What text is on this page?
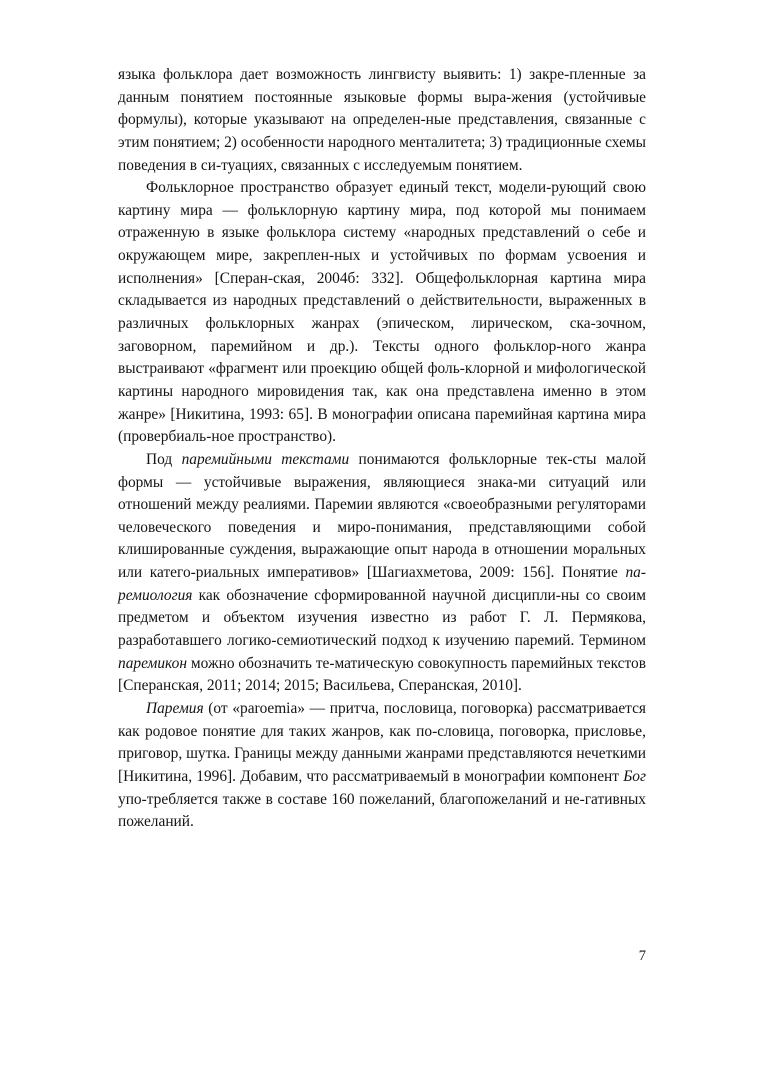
языка фольклора дает возможность лингвисту выявить: 1) закре-пленные за данным понятием постоянные языковые формы выра-жения (устойчивые формулы), которые указывают на определен-ные представления, связанные с этим понятием; 2) особенности народного менталитета; 3) традиционные схемы поведения в си-туациях, связанных с исследуемым понятием.

Фольклорное пространство образует единый текст, модели-рующий свою картину мира — фольклорную картину мира, под которой мы понимаем отраженную в языке фольклора систему «народных представлений о себе и окружающем мире, закреплен-ных и устойчивых по формам усвоения и исполнения» [Сперан-ская, 2004б: 332]. Общефольклорная картина мира складывается из народных представлений о действительности, выраженных в различных фольклорных жанрах (эпическом, лирическом, ска-зочном, заговорном, паремийном и др.). Тексты одного фольклор-ного жанра выстраивают «фрагмент или проекцию общей фоль-клорной и мифологической картины народного мировидения так, как она представлена именно в этом жанре» [Никитина, 1993: 65]. В монографии описана паремийная картина мира (провербиаль-ное пространство).

Под паремийными текстами понимаются фольклорные тек-сты малой формы — устойчивые выражения, являющиеся знака-ми ситуаций или отношений между реалиями. Паремии являются «своеобразными регуляторами человеческого поведения и миро-понимания, представляющими собой клишированные суждения, выражающие опыт народа в отношении моральных или катего-риальных императивов» [Шагиахметова, 2009: 156]. Понятие па-ремиология как обозначение сформированной научной дисципли-ны со своим предметом и объектом изучения известно из работ Г. Л. Пермякова, разработавшего логико-семиотический подход к изучению паремий. Термином паремикон можно обозначить те-матическую совокупность паремийных текстов [Сперанская, 2011; 2014; 2015; Васильева, Сперанская, 2010].

Паремия (от «paroemia» — притча, пословица, поговорка) рассматривается как родовое понятие для таких жанров, как по-словица, поговорка, присловье, приговор, шутка. Границы между данными жанрами представляются нечеткими [Никитина, 1996]. Добавим, что рассматриваемый в монографии компонент Бог упо-требляется также в составе 160 пожеланий, благопожеланий и не-гативных пожеланий.

7
